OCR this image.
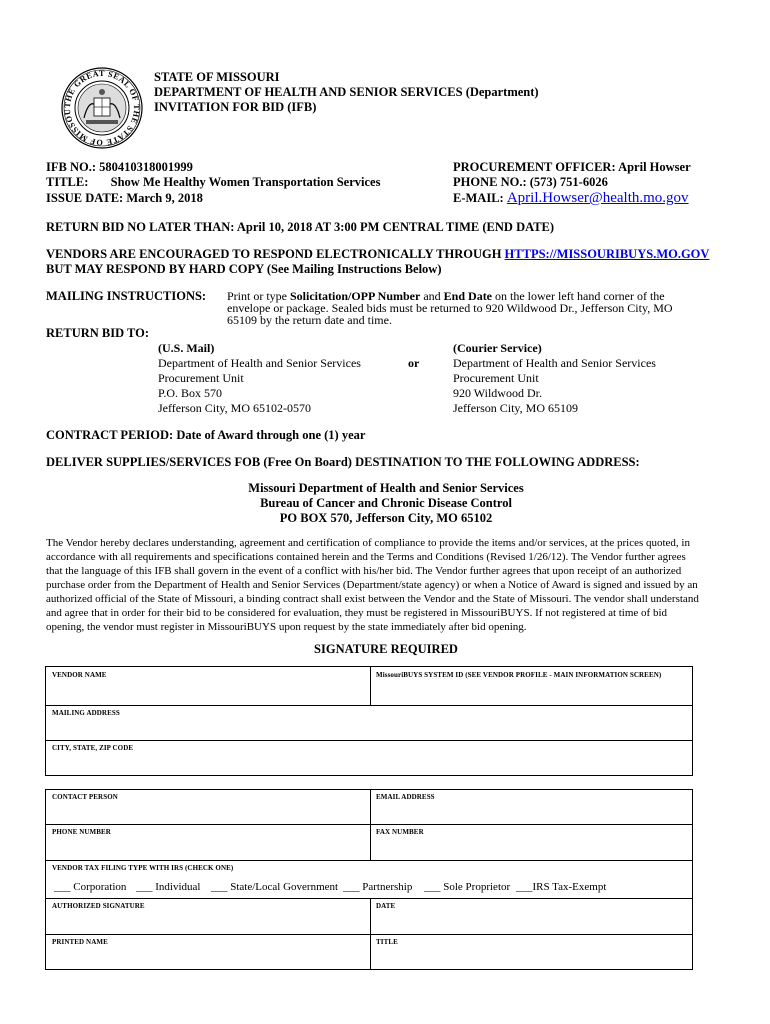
THE GREAT SEAL OF THE STATE OF MISSOU
STATE OF MISSOURI
DEPARTMENT OF HEALTH AND SENIOR SERVICES (Department)
INVITATION FOR BID (IFB)
IFB NO.: 580410318001999
TITLE: Show Me Healthy Women Transportation Services
ISSUE DATE: March 9, 2018
PROCUREMENT OFFICER: April Howser
PHONE NO.: (573) 751-6026
E-MAIL: April.Howser@health.mo.gov
RETURN BID NO LATER THAN: April 10, 2018 AT 3:00 PM CENTRAL TIME (END DATE)
VENDORS ARE ENCOURAGED TO RESPOND ELECTRONICALLY THROUGH HTTPS://MISSOURIBUYS.MO.GOV
BUT MAY RESPOND BY HARD COPY (See Mailing Instructions Below)
MAILING INSTRUCTIONS: Print or type Solicitation/OPP Number and End Date on the lower left hand corner of the
envelope or package. Sealed bids must be returned to 920 Wildwood Dr., Jefferson City, MO
65109 by the return date and time.
RETURN BID TO:
(U.S. Mail)
Department of Health and Senior Services
Procurement Unit
P.O. Box 570
Jefferson City, MO 65102-0570
or
(Courier Service)
Department of Health and Senior Services
Procurement Unit
920 Wildwood Dr.
Jefferson City, MO 65109
CONTRACT PERIOD: Date of Award through one (1) year
DELIVER SUPPLIES/SERVICES FOB (Free On Board) DESTINATION TO THE FOLLOWING ADDRESS:
Missouri Department of Health and Senior Services
Bureau of Cancer and Chronic Disease Control
PO BOX 570, Jefferson City, MO 65102
The Vendor hereby declares understanding, agreement and certification of compliance to provide the items and/or services, at the prices quoted, in
accordance with all requirements and specifications contained herein and the Terms and Conditions (Revised 1/26/12). The Vendor further agrees
that the language of this IFB shall govern in the event of a conflict with his/her bid. The Vendor further agrees that upon receipt of an authorized
purchase order from the Department of Health and Senior Services (Department/state agency) or when a Notice of Award is signed and issued by an
authorized official of the State of Missouri, a binding contract shall exist between the Vendor and the State of Missouri. The vendor shall understand
and agree that in order for their bid to be considered for evaluation, they must be registered in MissouriBUYS. If not registered at time of bid
opening, the vendor must register in MissouriBUYS upon request by the state immediately after bid opening.
SIGNATURE REQUIRED
VENDOR NAME	MissouriBUYS SYSTEM ID (SEE VENDOR PROFILE - MAIN INFORMATION SCREEN)
MAILING ADDRESS
CITY, STATE, ZIP CODE
CONTACT PERSON	EMAIL ADDRESS
PHONE NUMBER	FAX NUMBER
VENDOR TAX FILING TYPE WITH IRS (CHECK ONE)
___ Corporation ___ Individual ___ State/Local Government ___ Partnership ___ Sole Proprietor ___IRS Tax-Exempt
AUTHORIZED SIGNATURE	DATE
PRINTED NAME	TITLE
